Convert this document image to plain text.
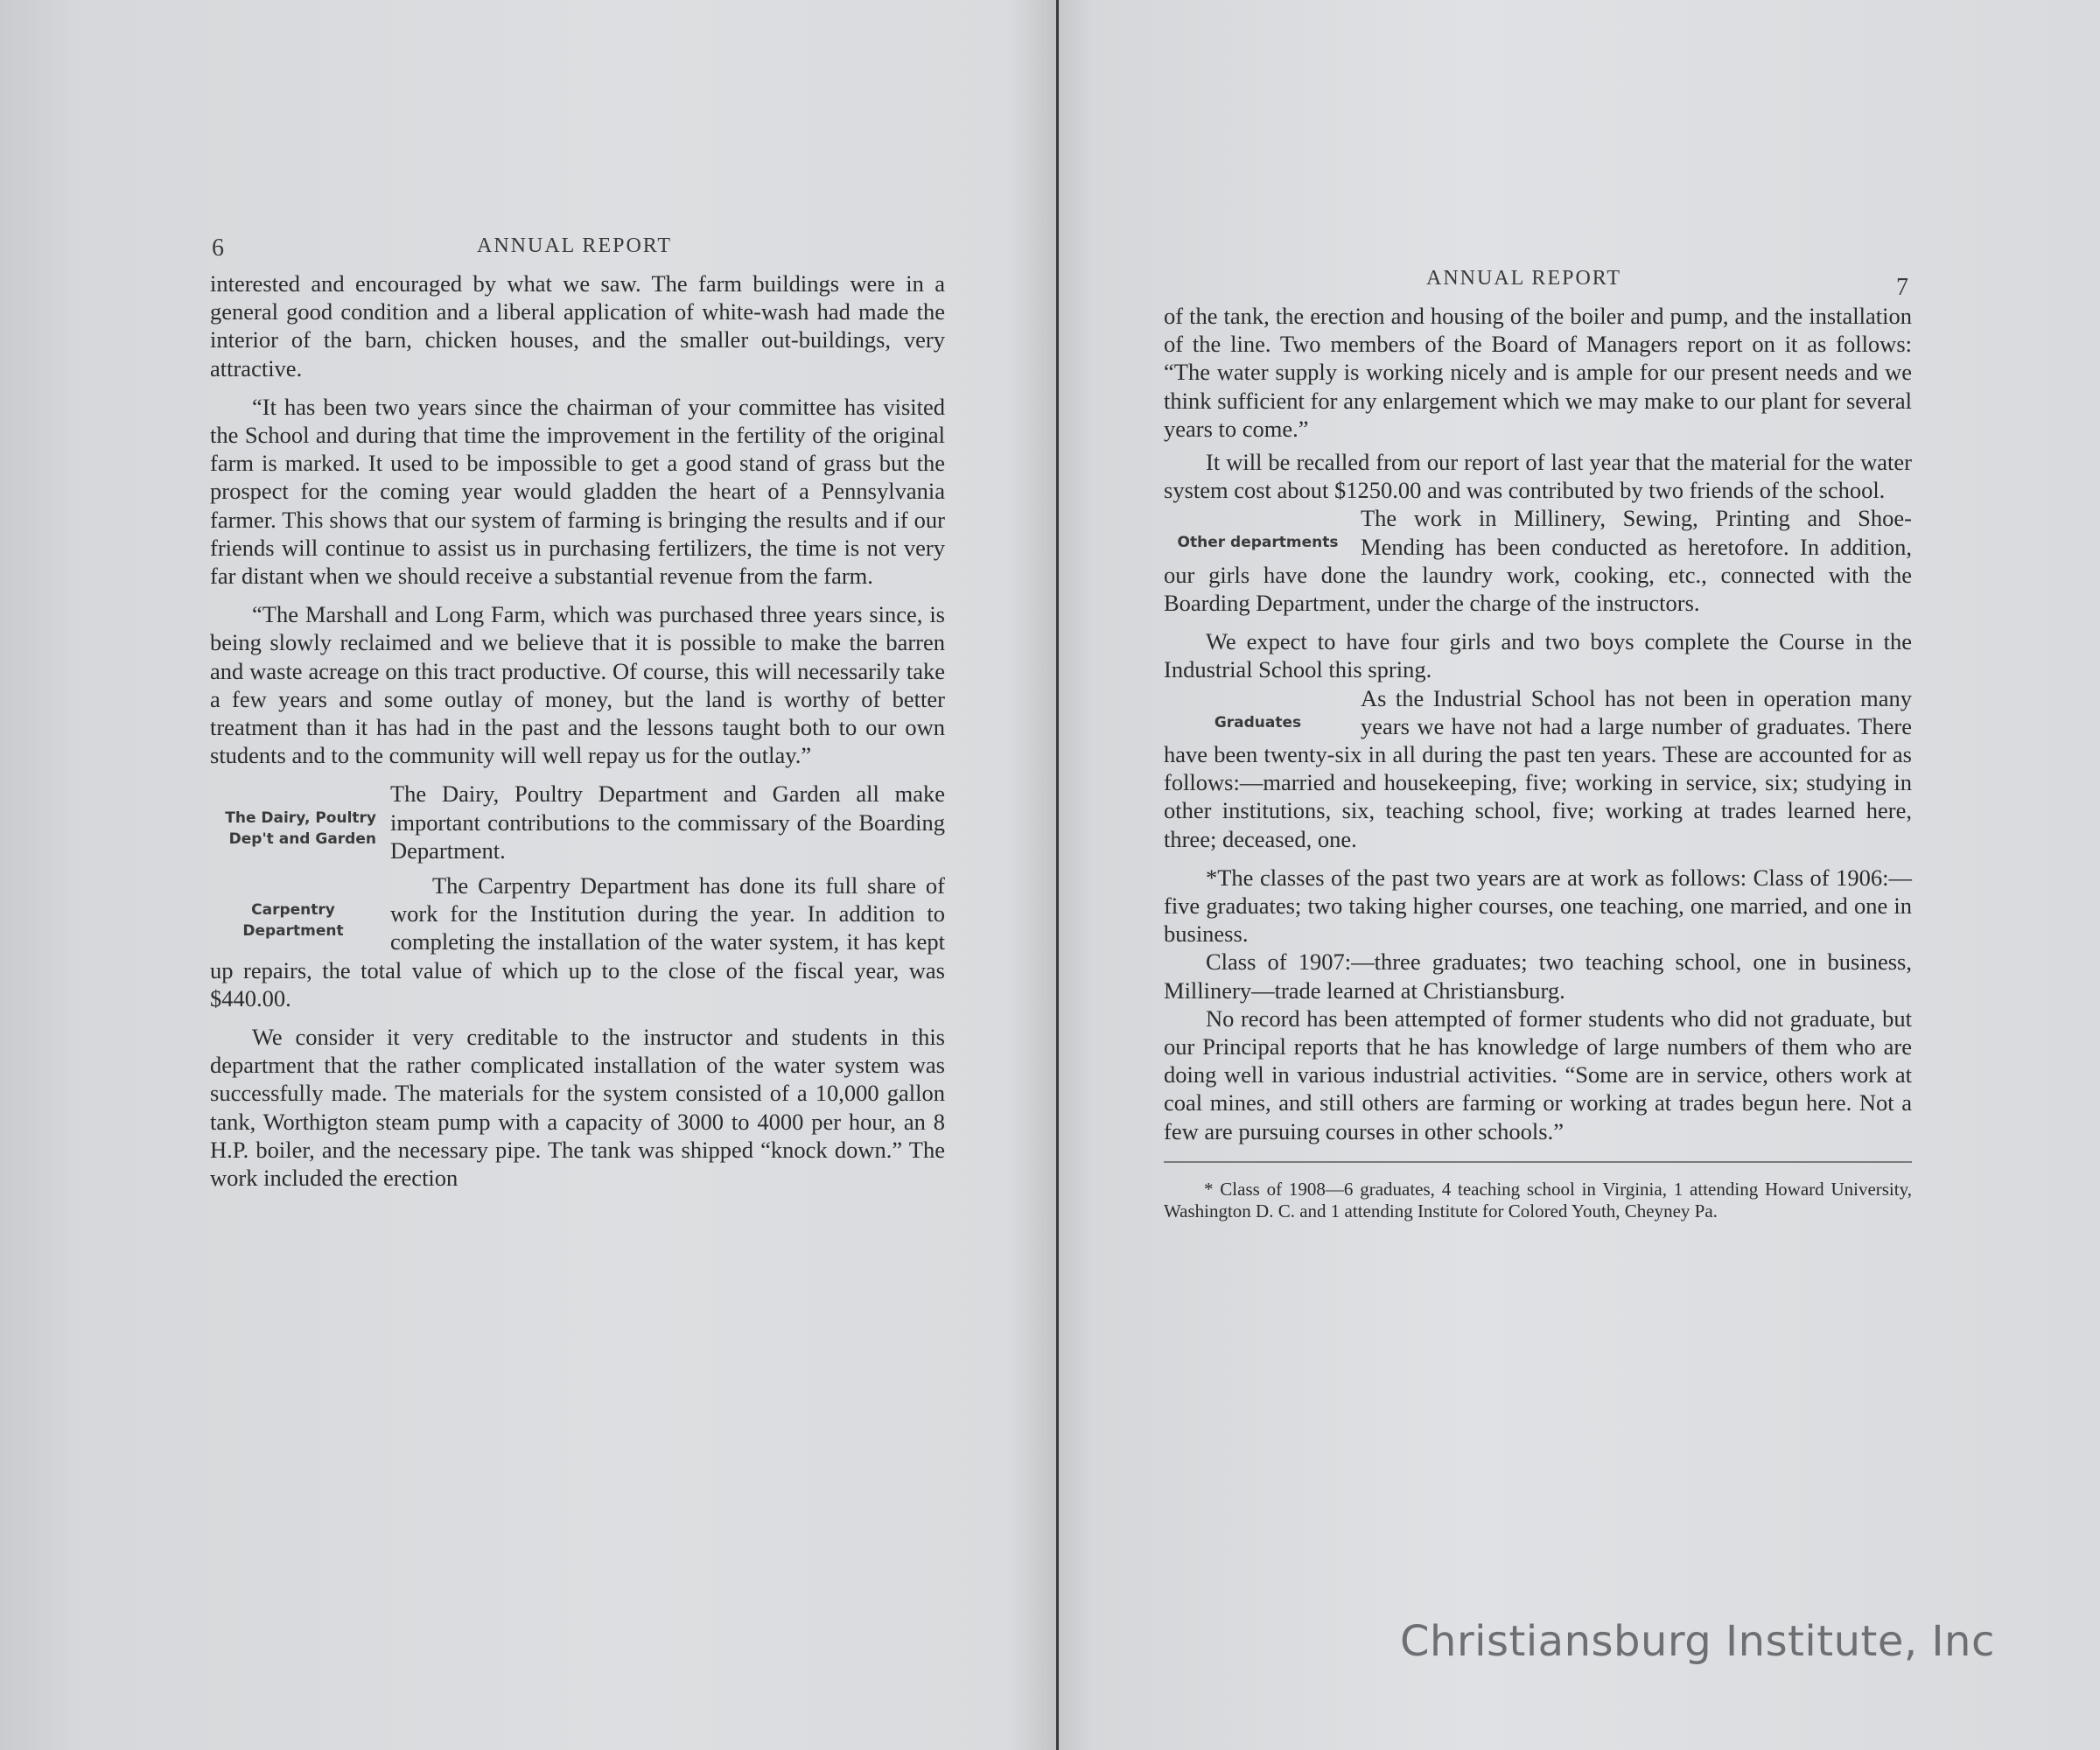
6	ANNUAL REPORT

interested and encouraged by what we saw. The farm buildings were in a general good condition and a liberal application of white-wash had made the interior of the barn, chicken houses, and the smaller out-buildings, very attractive.

“It has been two years since the chairman of your committee has visited the School and during that time the improvement in the fertility of the original farm is marked. It used to be impossible to get a good stand of grass but the prospect for the coming year would gladden the heart of a Pennsylvania farmer. This shows that our system of farming is bringing the results and if our friends will continue to assist us in purchasing fertilizers, the time is not very far distant when we should receive a substantial revenue from the farm.

“The Marshall and Long Farm, which was purchased three years since, is being slowly reclaimed and we believe that it is possible to make the barren and waste acreage on this tract productive. Of course, this will necessarily take a few years and some outlay of money, but the land is worthy of better treatment than it has had in the past and the lessons taught both to our own students and to the community will well repay us for the outlay.”

The Dairy, Poultry Dep't and Garden

The Dairy, Poultry Department and Garden all make important contributions to the commissary of the Boarding Department.

Carpentry Department

The Carpentry Department has done its full share of work for the Institution during the year. In addition to completing the installation of the water system, it has kept up repairs, the total value of which up to the close of the fiscal year, was $440.00.

We consider it very creditable to the instructor and students in this department that the rather complicated installation of the water system was successfully made. The materials for the system consisted of a 10,000 gallon tank, Worthigton steam pump with a capacity of 3000 to 4000 per hour, an 8 H.P. boiler, and the necessary pipe. The tank was shipped “knock down.” The work included the erection

ANNUAL REPORT	7

of the tank, the erection and housing of the boiler and pump, and the installation of the line. Two members of the Board of Managers report on it as follows: “The water supply is working nicely and is ample for our present needs and we think sufficient for any enlargement which we may make to our plant for several years to come.”

It will be recalled from our report of last year that the material for the water system cost about $1250.00 and was contributed by two friends of the school.

Other departments

The work in Millinery, Sewing, Printing and Shoe-Mending has been conducted as heretofore. In addition, our girls have done the laundry work, cooking, etc., connected with the Boarding Department, under the charge of the instructors.

We expect to have four girls and two boys complete the Course in the Industrial School this spring.

Graduates

As the Industrial School has not been in operation many years we have not had a large number of graduates. There have been twenty-six in all during the past ten years. These are accounted for as follows:—married and housekeeping, five; working in service, six; studying in other institutions, six, teaching school, five; working at trades learned here, three; deceased, one.

*The classes of the past two years are at work as follows: Class of 1906:—five graduates; two taking higher courses, one teaching, one married, and one in business.

Class of 1907:—three graduates; two teaching school, one in business, Millinery—trade learned at Christiansburg.

No record has been attempted of former students who did not graduate, but our Principal reports that he has knowledge of large numbers of them who are doing well in various industrial activities. “Some are in service, others work at coal mines, and still others are farming or working at trades begun here. Not a few are pursuing courses in other schools.”

* Class of 1908—6 graduates, 4 teaching school in Virginia, 1 attending Howard University, Washington D. C. and 1 attending Institute for Colored Youth, Cheyney Pa.

Christiansburg Institute, Inc
